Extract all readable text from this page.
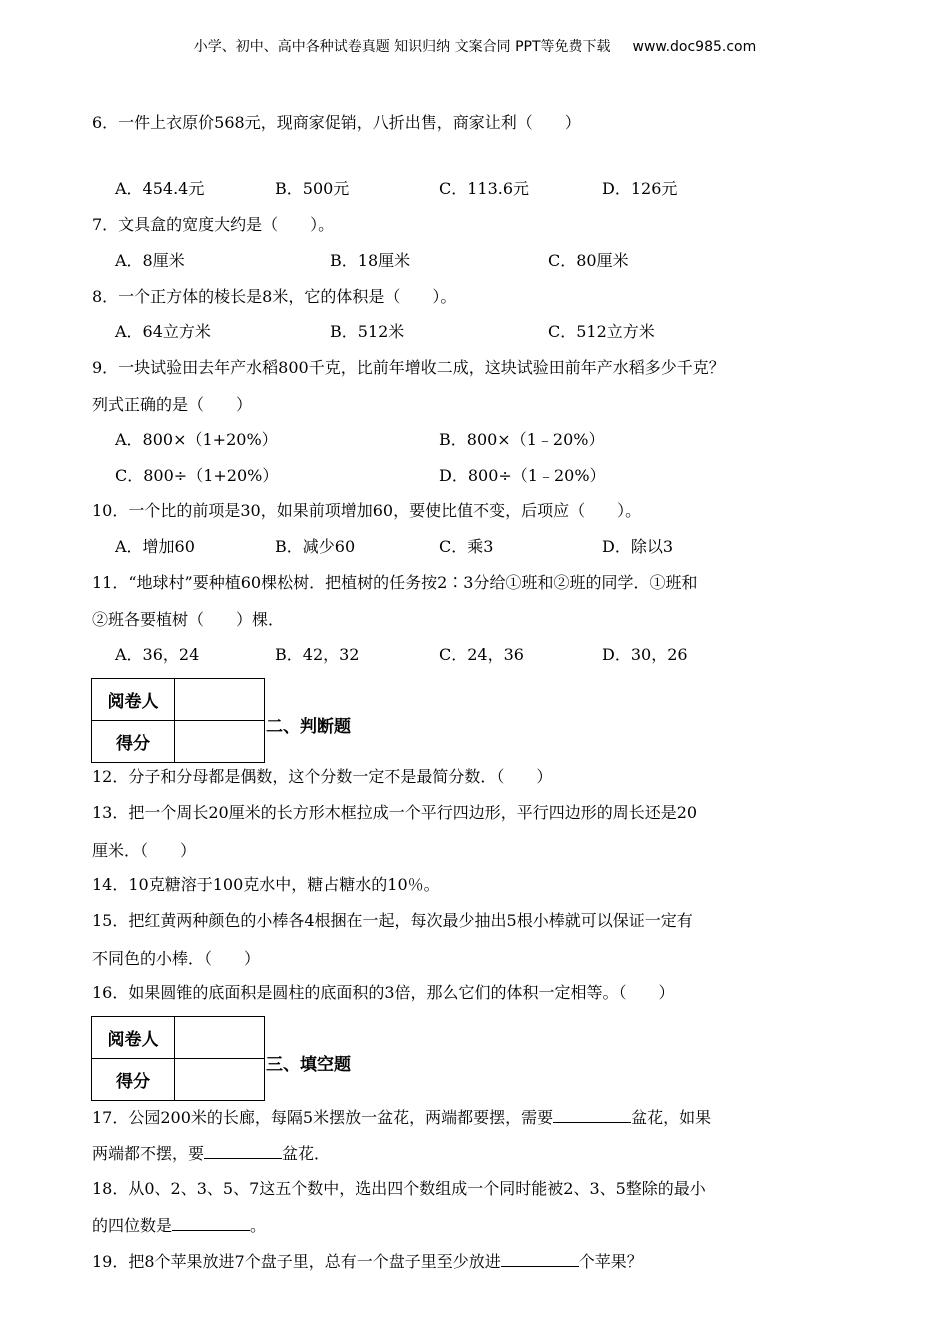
小学、初中、高中各种试卷真题 知识归纳 文案合同 PPT等免费下载 www.doc985.com
6．一件上衣原价568元，现商家促销，八折出售，商家让利（　　）
A．454.4元	B．500元	C．113.6元	D．126元
7．文具盒的宽度大约是（　　）。
A．8厘米	B．18厘米	C．80厘米
8．一个正方体的棱长是8米，它的体积是（　　）。
A．64立方米	B．512米	C．512立方米
9．一块试验田去年产水稻800千克，比前年增收二成，这块试验田前年产水稻多少千克？
列式正确的是（　　）
A．800×（1+20%）	B．800×（1﹣20%）
C．800÷（1+20%）	D．800÷（1﹣20%）
10．一个比的前项是30，如果前项增加60，要使比值不变，后项应（　　）。
A．增加60	B．减少60	C．乘3	D．除以3
11．“地球村”要种植60棵松树．把植树的任务按2∶3分给①班和②班的同学．①班和
②班各要植树（　　）棵．
A．36，24	B．42，32	C．24，36	D．30，26
阅卷人	
得分	
二、判断题
12．分子和分母都是偶数，这个分数一定不是最简分数．（　　）
13．把一个周长20厘米的长方形木框拉成一个平行四边形，平行四边形的周长还是20
厘米．（　　）
14．10克糖溶于100克水中，糖占糖水的10％。
15．把红黄两种颜色的小棒各4根捆在一起，每次最少抽出5根小棒就可以保证一定有
不同色的小棒．（　　）
16．如果圆锥的底面积是圆柱的底面积的3倍，那么它们的体积一定相等。（　　）
阅卷人	
得分	
三、填空题
17．公园200米的长廊，每隔5米摆放一盆花，两端都要摆，需要	盆花，如果
两端都不摆，要	盆花．
18．从0、2、3、5、7这五个数中，选出四个数组成一个同时能被2、3、5整除的最小
的四位数是	。
19．把8个苹果放进7个盘子里，总有一个盘子里至少放进	个苹果？
